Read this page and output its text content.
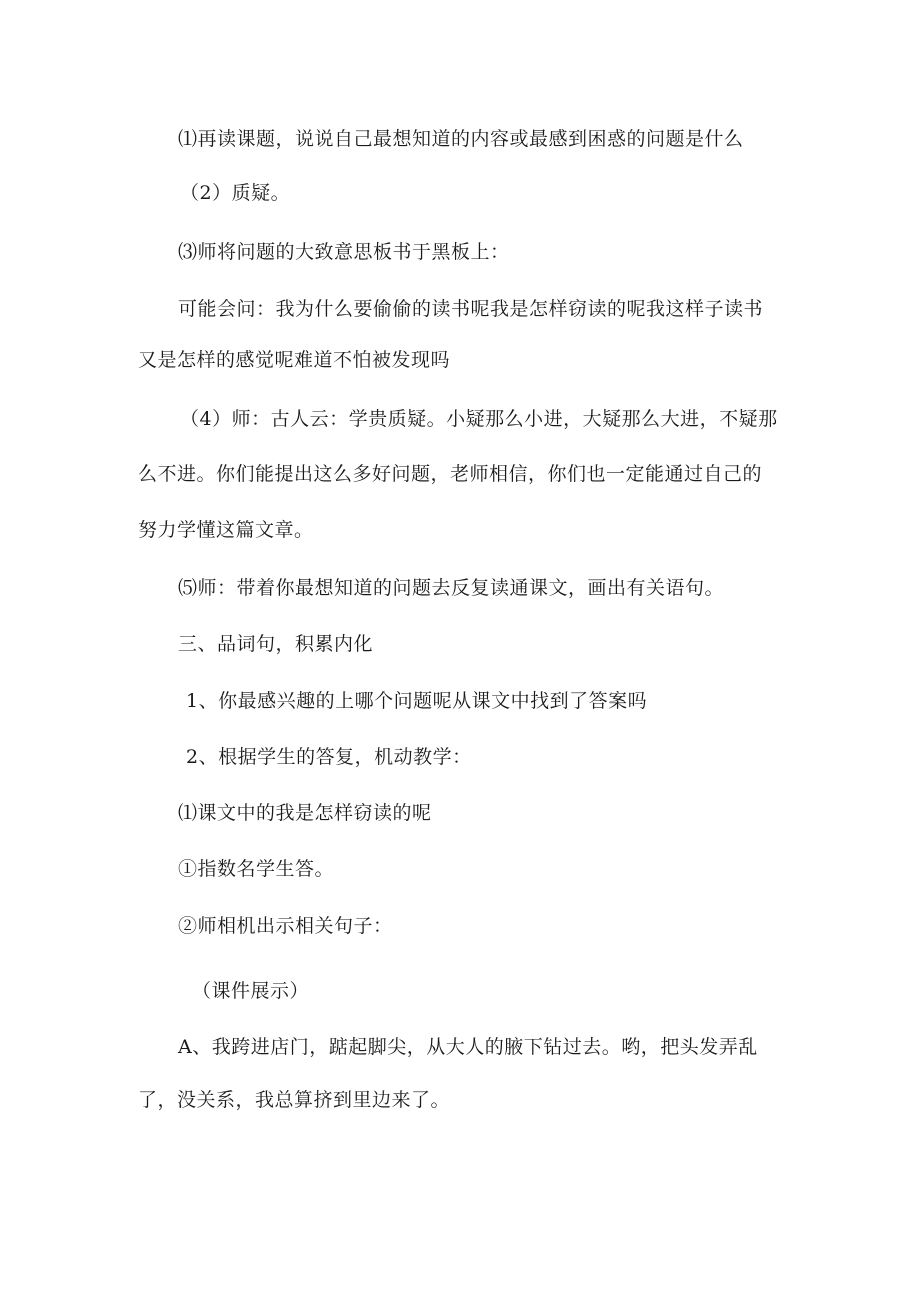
⑴再读课题，说说自己最想知道的内容或最感到困惑的问题是什么
（2）质疑。
⑶师将问题的大致意思板书于黑板上：
可能会问：我为什么要偷偷的读书呢我是怎样窃读的呢我这样子读书
又是怎样的感觉呢难道不怕被发现吗
（4）师：古人云：学贵质疑。小疑那么小进，大疑那么大进，不疑那
么不进。你们能提出这么多好问题，老师相信，你们也一定能通过自己的
努力学懂这篇文章。
⑸师：带着你最想知道的问题去反复读通课文，画出有关语句。
三、品词句，积累内化
1、你最感兴趣的上哪个问题呢从课文中找到了答案吗
2、根据学生的答复，机动教学：
⑴课文中的我是怎样窃读的呢
①指数名学生答。
②师相机出示相关句子：
（课件展示）
A、我跨进店门，踮起脚尖，从大人的腋下钻过去。哟，把头发弄乱
了，没关系，我总算挤到里边来了。
